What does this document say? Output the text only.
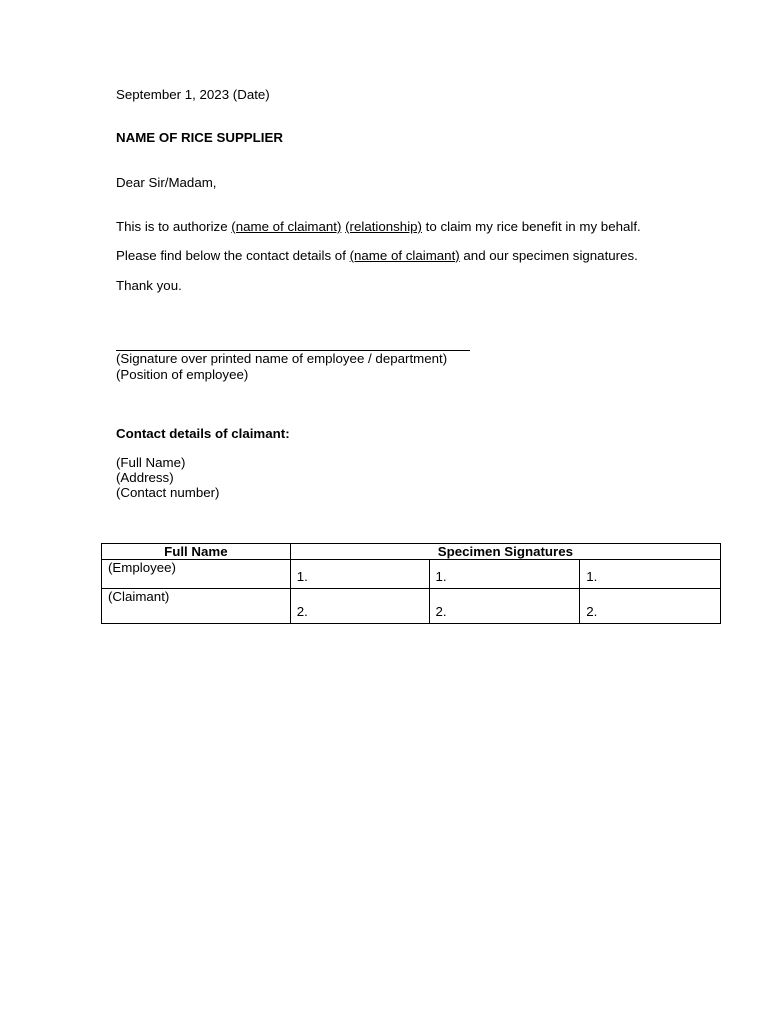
September 1, 2023 (Date)
NAME OF RICE SUPPLIER
Dear Sir/Madam,
This is to authorize (name of claimant) (relationship) to claim my rice benefit in my behalf.
Please find below the contact details of (name of claimant) and our specimen signatures.
Thank you.
(Signature over printed name of employee / department)
(Position of employee)
Contact details of claimant:
(Full Name)
(Address)
(Contact number)
Full Name	Specimen Signatures		
(Employee)	1.	1.	1.
(Claimant)	2.	2.	2.
